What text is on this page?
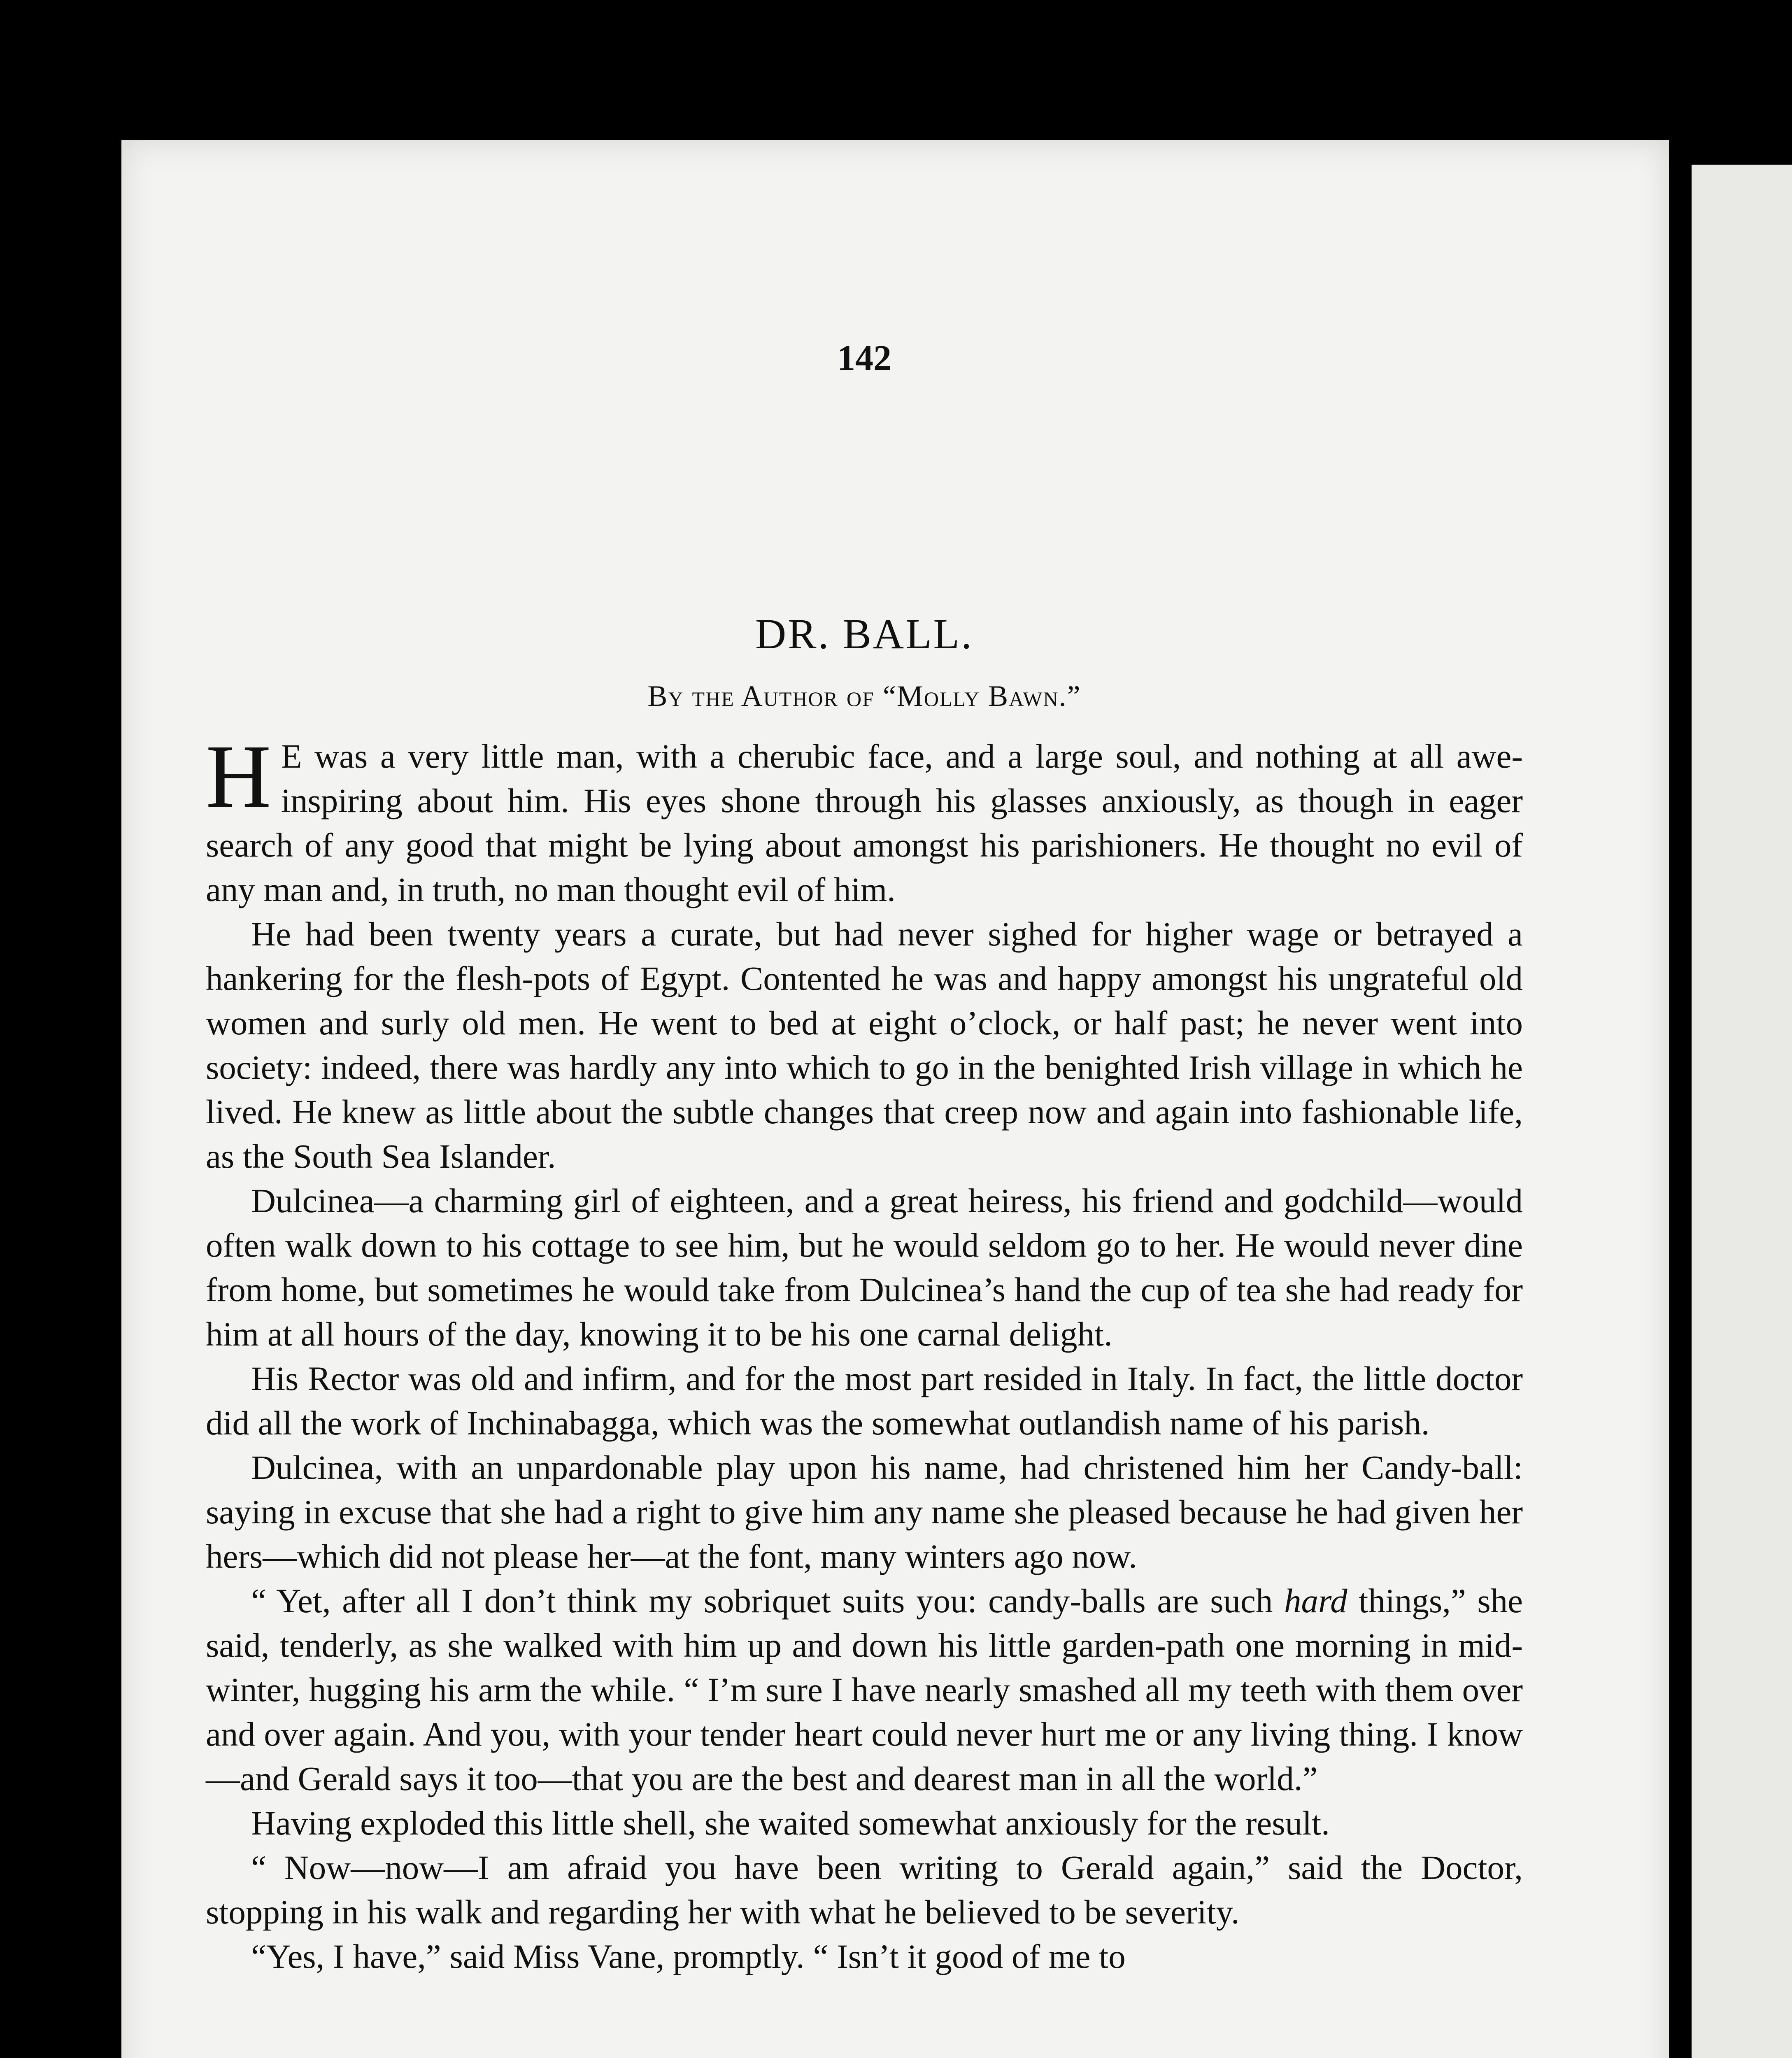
142
DR. BALL.
By the Author of “Molly Bawn.”

H E was a very little man, with a cherubic face, and a large soul, and nothing at all awe-inspiring about him. His eyes shone through his glasses anxiously, as though in eager search of any good that might be lying about amongst his parishioners. He thought no evil of any man and, in truth, no man thought evil of him.

He had been twenty years a curate, but had never sighed for higher wage or betrayed a hankering for the flesh-pots of Egypt. Contented he was and happy amongst his ungrateful old women and surly old men. He went to bed at eight o’clock, or half past; he never went into society: indeed, there was hardly any into which to go in the benighted Irish village in which he lived. He knew as little about the subtle changes that creep now and again into fashionable life, as the South Sea Islander.

Dulcinea—a charming girl of eighteen, and a great heiress, his friend and godchild—would often walk down to his cottage to see him, but he would seldom go to her. He would never dine from home, but sometimes he would take from Dulcinea’s hand the cup of tea she had ready for him at all hours of the day, knowing it to be his one carnal delight.

His Rector was old and infirm, and for the most part resided in Italy. In fact, the little doctor did all the work of Inchinabagga, which was the somewhat outlandish name of his parish.

Dulcinea, with an unpardonable play upon his name, had christened him her Candy-ball: saying in excuse that she had a right to give him any name she pleased because he had given her hers—which did not please her—at the font, many winters ago now.

“ Yet, after all I don’t think my sobriquet suits you: candy-balls are such hard things,” she said, tenderly, as she walked with him up and down his little garden-path one morning in mid-winter, hugging his arm the while. “ I’m sure I have nearly smashed all my teeth with them over and over again. And you, with your tender heart could never hurt me or any living thing. I know—and Gerald says it too—that you are the best and dearest man in all the world.”

Having exploded this little shell, she waited somewhat anxiously for the result.

“ Now—now—I am afraid you have been writing to Gerald again,” said the Doctor, stopping in his walk and regarding her with what he believed to be severity.

“Yes, I have,” said Miss Vane, promptly. “ Isn’t it good of me to
